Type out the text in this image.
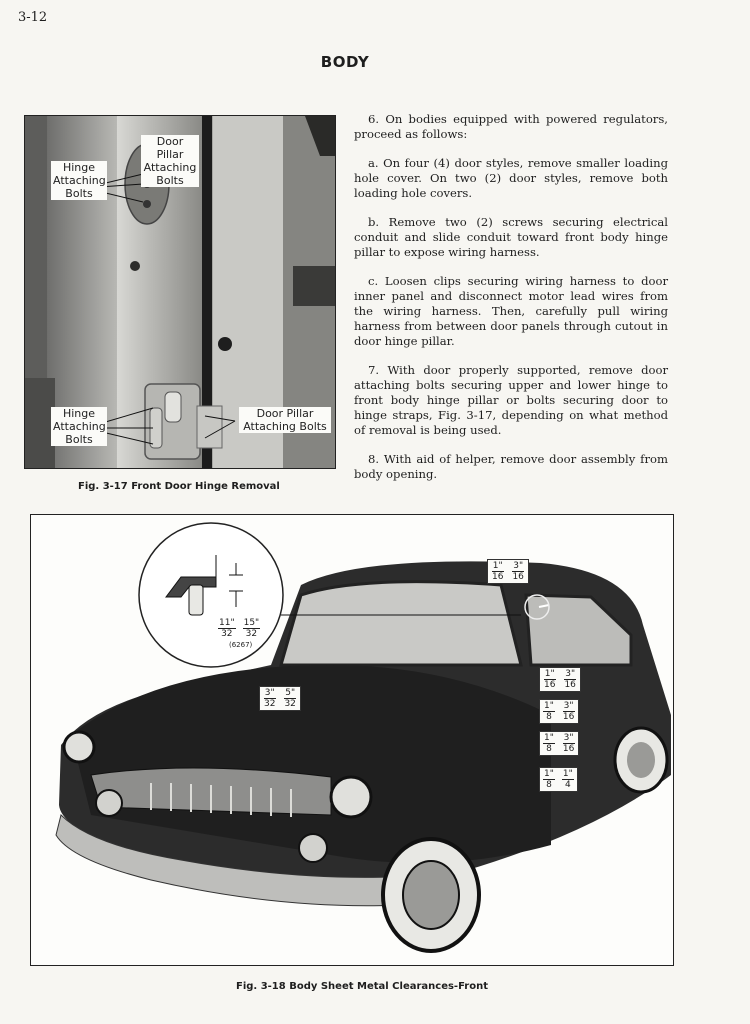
3-12
BODY
Hinge
Attaching
Bolts
Door
Pillar
Attaching
Bolts
Hinge
Attaching
Bolts
Door Pillar
Attaching Bolts
Fig. 3-17 Front Door Hinge Removal

6. On bodies equipped with powered regulators, proceed as follows:

a. On four (4) door styles, remove smaller loading hole cover. On two (2) door styles, remove both loading hole covers.

b. Remove two (2) screws securing electrical conduit and slide conduit toward front body hinge pillar to expose wiring harness.

c. Loosen clips securing wiring harness to door inner panel and disconnect motor lead wires from the wiring harness. Then, carefully pull wiring harness from between door panels through cutout in door hinge pillar.

7. With door properly supported, remove door attaching bolts securing upper and lower hinge to front body hinge pillar or bolts securing door to hinge straps, Fig. 3-17, depending on what method of removal is being used.

8. With aid of helper, remove door assembly from body opening.

$\frac{1"}{16} \frac{3"}{16}$
$\frac{3"}{32} \frac{5"}{32}$
$\frac{1"}{16} \frac{3"}{16}$
$\frac{1"}{8} \frac{3"}{16}$
$\frac{1"}{8} \frac{3"}{16}$
$\frac{1"}{8} \frac{1"}{4}$
$\frac{11"}{32} \frac{15"}{32}$
(6267)
Fig. 3-18 Body Sheet Metal Clearances-Front
